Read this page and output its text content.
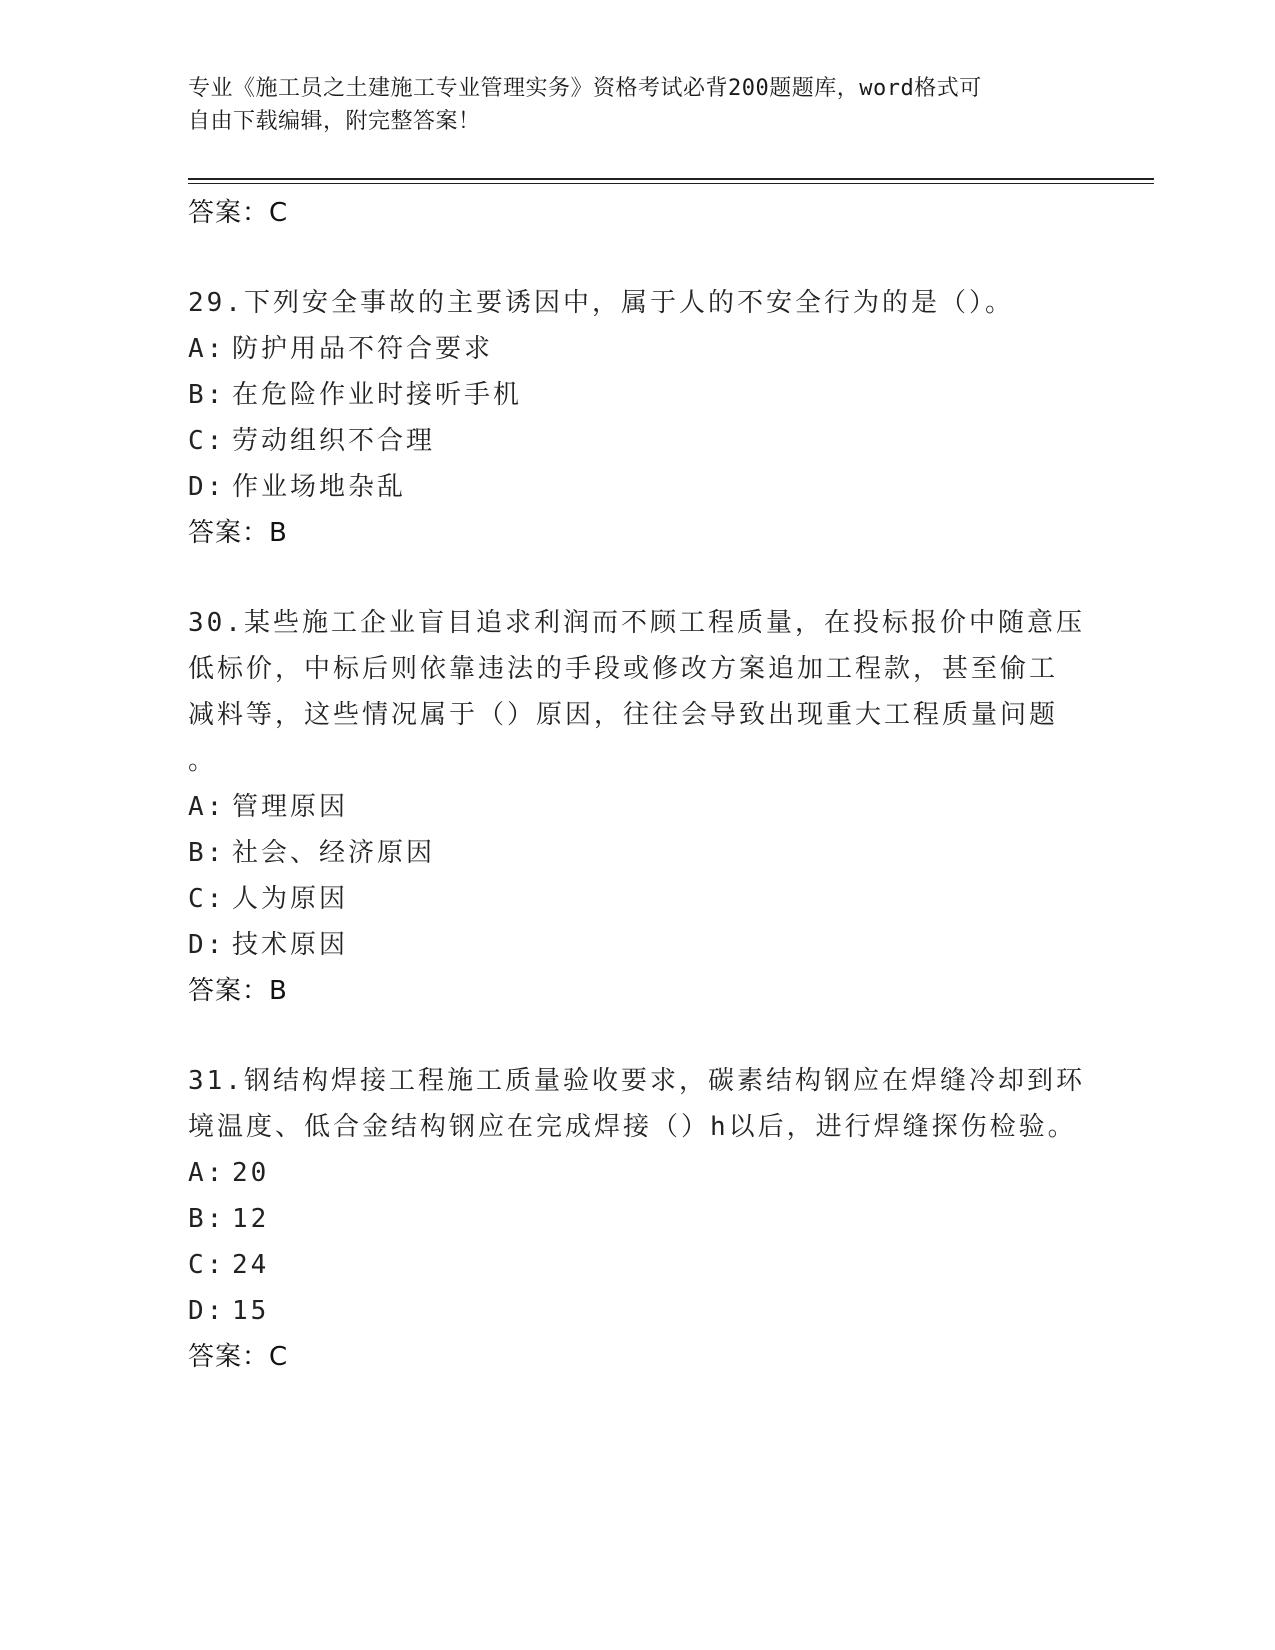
专业《施工员之土建施工专业管理实务》资格考试必背200题题库，word格式可
自由下载编辑，附完整答案！
答案：C
29.下列安全事故的主要诱因中，属于人的不安全行为的是（）。
A: 防护用品不符合要求
B: 在危险作业时接听手机
C: 劳动组织不合理
D: 作业场地杂乱
答案：B
30.某些施工企业盲目追求利润而不顾工程质量，在投标报价中随意压
低标价，中标后则依靠违法的手段或修改方案追加工程款，甚至偷工
减料等，这些情况属于（）原因，往往会导致出现重大工程质量问题
。
A: 管理原因
B: 社会、经济原因
C: 人为原因
D: 技术原因
答案：B
31.钢结构焊接工程施工质量验收要求，碳素结构钢应在焊缝冷却到环
境温度、低合金结构钢应在完成焊接（）h以后，进行焊缝探伤检验。
A: 20
B: 12
C: 24
D: 15
答案：C
